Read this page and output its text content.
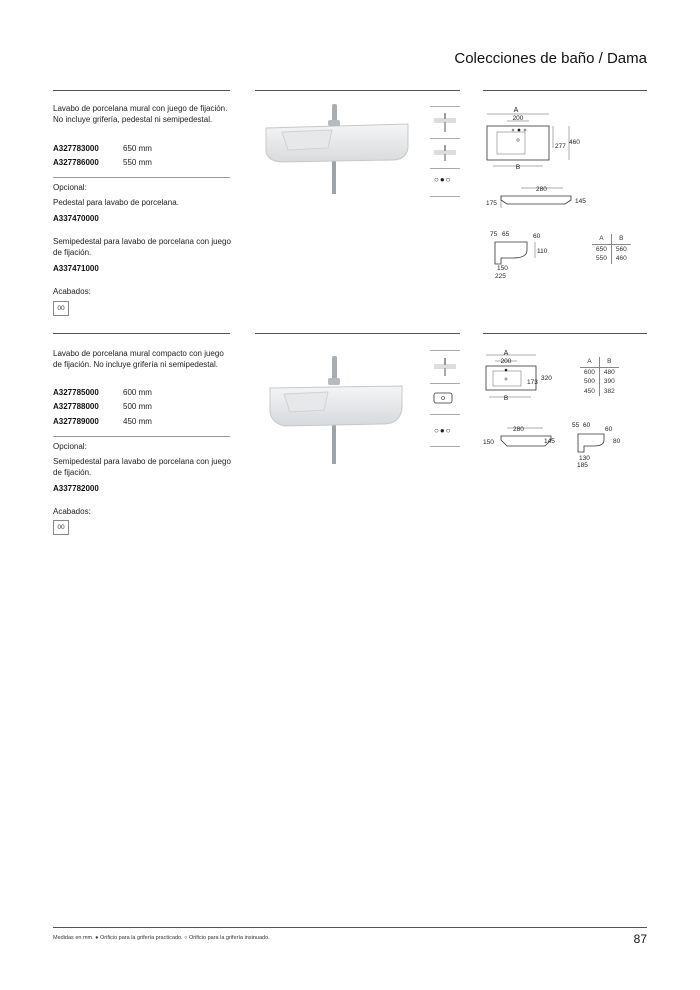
Colecciones de baño / Dama
Lavabo de porcelana mural con juego de fijación. No incluye grifería, pedestal ni semipedestal.
A327783000	650 mm
A327786000	550 mm
Opcional:
Pedestal para lavabo de porcelana.
A337470000
Semipedestal para lavabo de porcelana con juego de fijación.
A337471000
Acabados:
00
○●○
A
200
B
277
460
280
175	145
75 65	60
110
150
225
A	B
650	560
550	460
Lavabo de porcelana mural compacto con juego de fijación. No incluye grifería ni semipedestal.
A327785000	600 mm
A327788000	500 mm
A327789000	450 mm
Opcional:
Semipedestal para lavabo de porcelana con juego de fijación.
A337782000
Acabados:
00
○●○
A
200
B
173
320
280
150	145
55 60
60
80
130
185
A	B
600	480
500	390
450	382
Medidas en mm. ● Orificio para la grifería practicado. ○ Orificio para la grifería insinuado.	87
